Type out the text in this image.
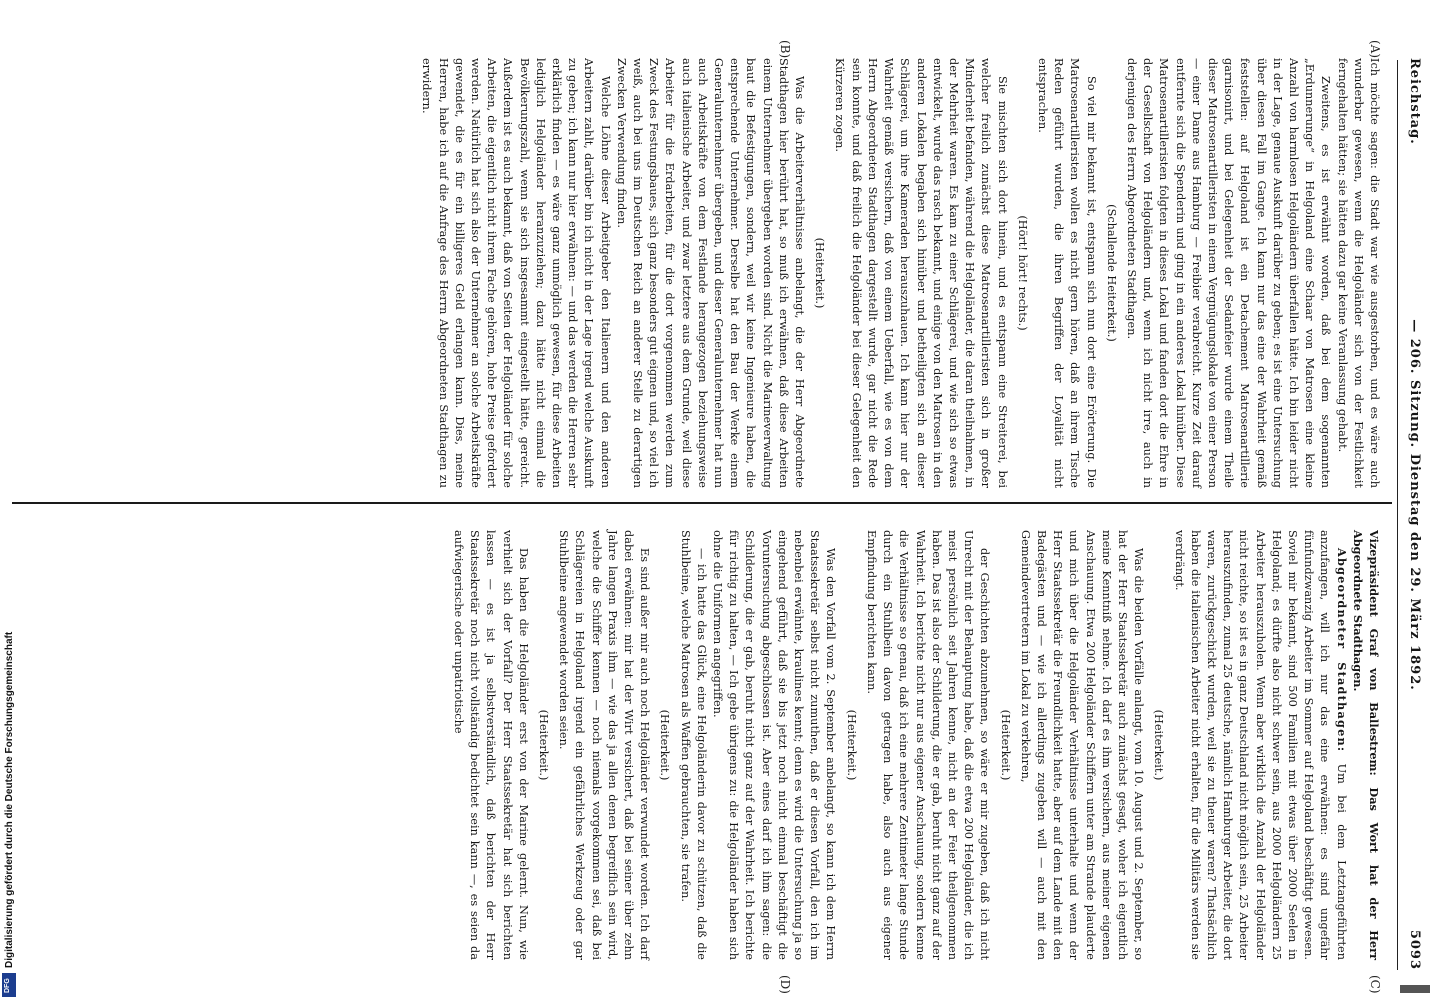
Reichstag.
— 206. Sitzung. Dienstag den 29. März 1892.
5093
(A)
(B)
(C)
(D)

Ich möchte sagen: die Stadt war wie ausgestorben, und es wäre auch wunderbar gewesen, wenn die Helgoländer sich von der Festlichkeit ferngehalten hätten; sie hätten dazu gar keine Veranlassung gehabt.

Zweitens, es ist erwähnt worden, daß bei dem sogenannten „Erdunnerunge“ in Helgoland eine Schaar von Matrosen eine kleine Anzahl von harmlosen Helgoländern überfallen hätte. Ich bin leider nicht in der Lage, genaue Auskunft darüber zu geben; es ist eine Untersuchung über diesen Fall im Gange. Ich kann nur das eine der Wahrheit gemäß feststellen: auf Helgoland ist ein Detachement Matrosenartillerie garnisonirt, und bei Gelegenheit der Sedanfeier wurde einem Theile dieser Matrosenartilleristen in einem Vergnügungslokale von einer Person — einer Dame aus Hamburg — Freibier verabreicht. Kurze Zeit darauf entfernte sich die Spenderin und ging in ein anderes Lokal hinüber. Diese Matrosenartilleristen folgten in dieses Lokal und fanden dort die Ehre in der Gesellschaft von Helgoländern und, wenn ich nicht irre, auch in derjenigen des Herrn Abgeordneten Stadthagen.

(Schallende Heiterkeit.)

So viel mir bekannt ist, entspann sich nun dort eine Erörterung. Die Matrosenartilleristen wollen es nicht gern hören, daß an ihrem Tische Reden geführt wurden, die ihren Begriffen der Loyalität nicht entsprachen.

(Hört! hört! rechts.)

Sie mischten sich dort hinein, und es entspann eine Streiterei, bei welcher freilich zunächst diese Matrosenartilleristen sich in großer Minderheit befanden, während die Helgoländer, die daran theilnahmen, in der Mehrheit waren. Es kam zu einer Schlägerei, und wie sich so etwas entwickelt, wurde das rasch bekannt, und einige von den Matrosen in den anderen Lokalen begaben sich hinüber und betheiligten sich an dieser Schlägerei, um ihre Kameraden herauszuhauen. Ich kann hier nur der Wahrheit gemäß versichern, daß von einem Ueberfall, wie es von dem Herrn Abgeordneten Stadthagen dargestellt wurde, gar nicht die Rede sein konnte, und daß freilich die Helgoländer bei dieser Gelegenheit den Kürzeren zogen.

(Heiterkeit.)

Was die Arbeiterverhältnisse anbelangt, die der Herr Abgeordnete Stadthagen hier berührt hat, so muß ich erwähnen, daß diese Arbeiten einem Unternehmer übergeben worden sind. Nicht die Marineverwaltung baut die Befestigungen, sondern, weil wir keine Ingenieure haben, die entsprechende Unternehmer. Derselbe hat den Bau der Werke einem Generalunternehmer übergeben, und dieser Generalunternehmer hat nun auch Arbeitskräfte von dem Festlande herangezogen beziehungsweise auch italienische Arbeiter, und zwar letztere aus dem Grunde, weil diese Arbeiter für die Erdarbeiten, für die dort vorgenommen werden zum Zweck des Festungsbaues, sich ganz besonders gut eignen und, so viel ich weiß, auch bei uns im Deutschen Reich an anderer Stelle zu derartigen Zwecken Verwendung finden.

Welche Löhne dieser Arbeitgeber den Italienern und den anderen Arbeitern zahlt, darüber bin ich nicht in der Lage irgend welche Auskunft zu geben; ich kann nur hier erwähnen: — und das werden die Herren sehr erklärlich finden — es wäre ganz unmöglich gewesen, für diese Arbeiten lediglich Helgoländer heranzuziehen; dazu hätte nicht einmal die Bevölkerungszahl, wenn sie sich insgesammt eingestellt hätte, gereicht. Außerdem ist es auch bekannt, daß von Seiten der Helgoländer für solche Arbeiten, die eigentlich nicht ihrem Fache gehören, hohe Preise gefordert werden. Natürlich hat sich also der Unternehmer an solche Arbeitskräfte gewendet, die es für ein billigeres Geld erlangen kann. Dies, meine Herren, habe ich auf die Anfrage des Herrn Abgeordneten Stadthagen zu erwidern.

Vizepräsident Graf von Ballestrem: Das Wort hat der Herr Abgeordnete Stadthagen.

Abgeordneter Stadthagen: Um bei dem Letztangeführten anzufangen, will ich nur das eine erwähnen: es sind ungefähr fünfundzwanzig Arbeiter im Sommer auf Helgoland beschäftigt gewesen. Soviel mir bekannt, sind 500 Familien mit etwas über 2000 Seelen in Helgoland; es dürfte also nicht schwer sein, aus 2000 Helgoländern 25 Arbeiter herauszuholen. Wenn aber wirklich die Anzahl der Helgoländer nicht reichte, so ist es in ganz Deutschland nicht möglich sein, 25 Arbeiter herauszufinden, zumal 25 deutsche, nämlich Hamburger Arbeiter, die dort waren, zurückgeschickt wurden, weil sie zu theuer waren? Thatsächlich haben die italienischen Arbeiter nicht erhalten, für die Militärs werden sie verdrängt.

(Heiterkeit.)

Was die beiden Vorfälle anlangt, vom 10. August und 2. September, so hat der Herr Staatssekretär auch zunächst gesagt, woher ich eigentlich meine Kenntniß nehme. Ich darf es ihm versichern, aus meiner eigenen Anschauung. Etwa 200 Helgoländer Schiffern unter am Strande plauderte und mich über die Helgoländer Verhältnisse unterhalte und wenn der Herr Staatssekretär die Freundlichkeit hatte, aber auf dem Lande mit den Badegästen und — wie ich allerdings zugeben will — auch mit den Gemeindevertretern im Lokal zu verkehren,

(Heiterkeit.)

der Geschichten abzunehmen, so wäre er mir zugeben, daß ich nicht Unrecht mit der Behauptung habe, daß die etwa 200 Helgoländer, die ich meist persönlich seit Jahren kenne, nicht an der Feier theilgenommen haben. Das ist also der Schilderung, die er gab, beruht nicht ganz auf der Wahrheit. Ich berichte nicht nur aus eigener Anschauung, sondern kenne die Verhältnisse so genau, daß ich eine mehrere Zentimeter lange Stunde durch ein Stuhlbein davon getragen habe, also auch aus eigener Empfindung berichten kann.

(Heiterkeit.)

Was den Vorfall vom 2. September anbelangt, so kann ich dem Herrn Staatssekretär selbst nicht zumuthen, daß er diesen Vorfall, den ich im nebenbei erwähnte, kraulines kennt; denn es wird die Untersuchung ja so eingehend geführt, daß sie bis jetzt noch nicht einmal beschäftigt die Voruntersuchung abgeschlossen ist. Aber eines darf ich ihm sagen: die Schilderung, die er gab, beruht nicht ganz auf der Wahrheit. Ich berichte für richtig zu halten, — Ich gebe übrigens zu: die Helgoländer haben sich ohne die Uniformen angegriffen.

— ich hatte das Glück, eine Helgoländerin davor zu schützen, daß die Stuhlbeine, welche Matrosen als Waffen gebrauchten, sie trafen.

(Heiterkeit.)

Es sind außer mir auch noch Helgoländer verwundet worden. Ich darf dabei erwähnen: mir hat der Wirt versichert, daß bei seiner über zehn Jahre langen Praxis ihm — wie das ja allen denen begreiflich sein wird, welche die Schiffer kennen — noch niemals vorgekommen sei, daß bei Schlägereien in Helgoland irgend ein gefährliches Werkzeug oder gar Stuhlbeine angewendet worden seien.

(Heiterkeit.)

Das haben die Helgoländer erst von der Marine gelernt. Nun, wie verhielt sich der Vorfall? Der Herr Staatssekretär hat sich berichten lassen — es ist ja selbstverständlich, daß berichten der Herr Staatssekretär noch nicht vollständig bedichtet sein kann —, es seien da aufwiegerische oder unpatriotische

Digitalisierung gefördert durch die Deutsche Forschungsgemeinschaft
DFG
